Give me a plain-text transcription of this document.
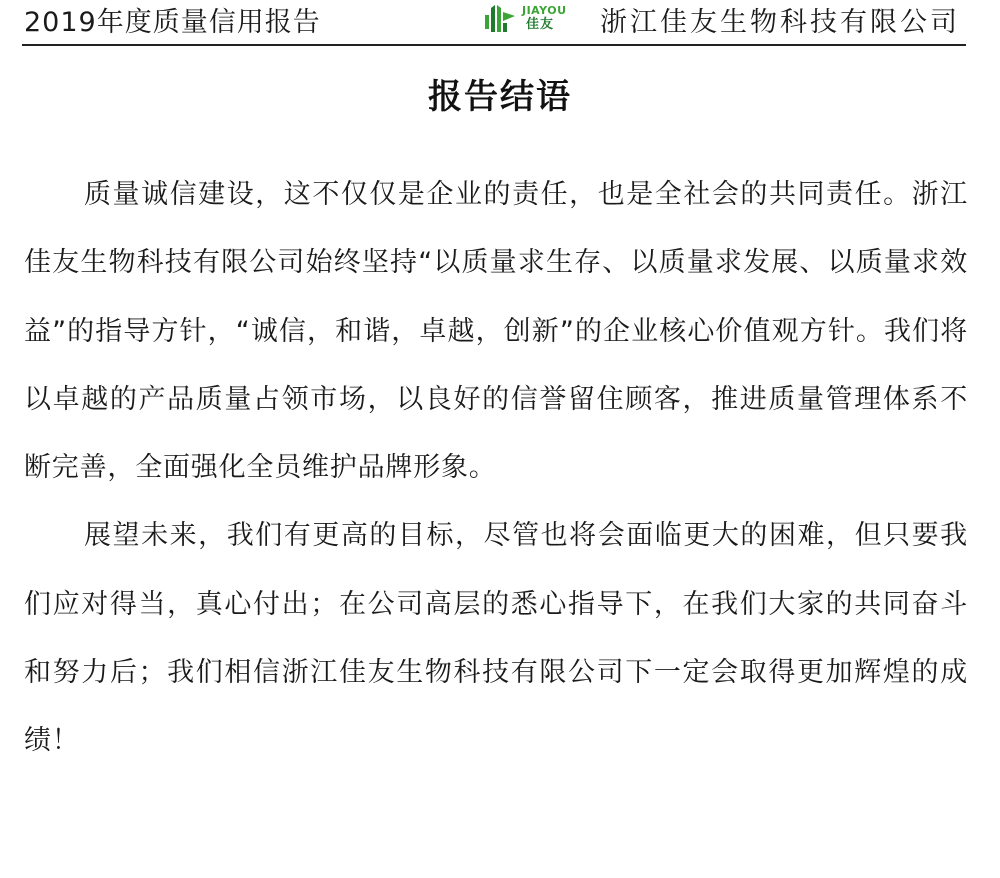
2019年度质量信用报告	JIAYOU
佳友 浙江佳友生物科技有限公司
报告结语

质量诚信建设，这不仅仅是企业的责任，也是全社会的共同责任。浙江佳友生物科技有限公司始终坚持“以质量求生存、以质量求发展、以质量求效益”的指导方针，“诚信，和谐，卓越，创新”的企业核心价值观方针。我们将以卓越的产品质量占领市场，以良好的信誉留住顾客，推进质量管理体系不断完善，全面强化全员维护品牌形象。

展望未来，我们有更高的目标，尽管也将会面临更大的困难，但只要我们应对得当，真心付出；在公司高层的悉心指导下，在我们大家的共同奋斗和努力后；我们相信浙江佳友生物科技有限公司下一定会取得更加辉煌的成绩！
